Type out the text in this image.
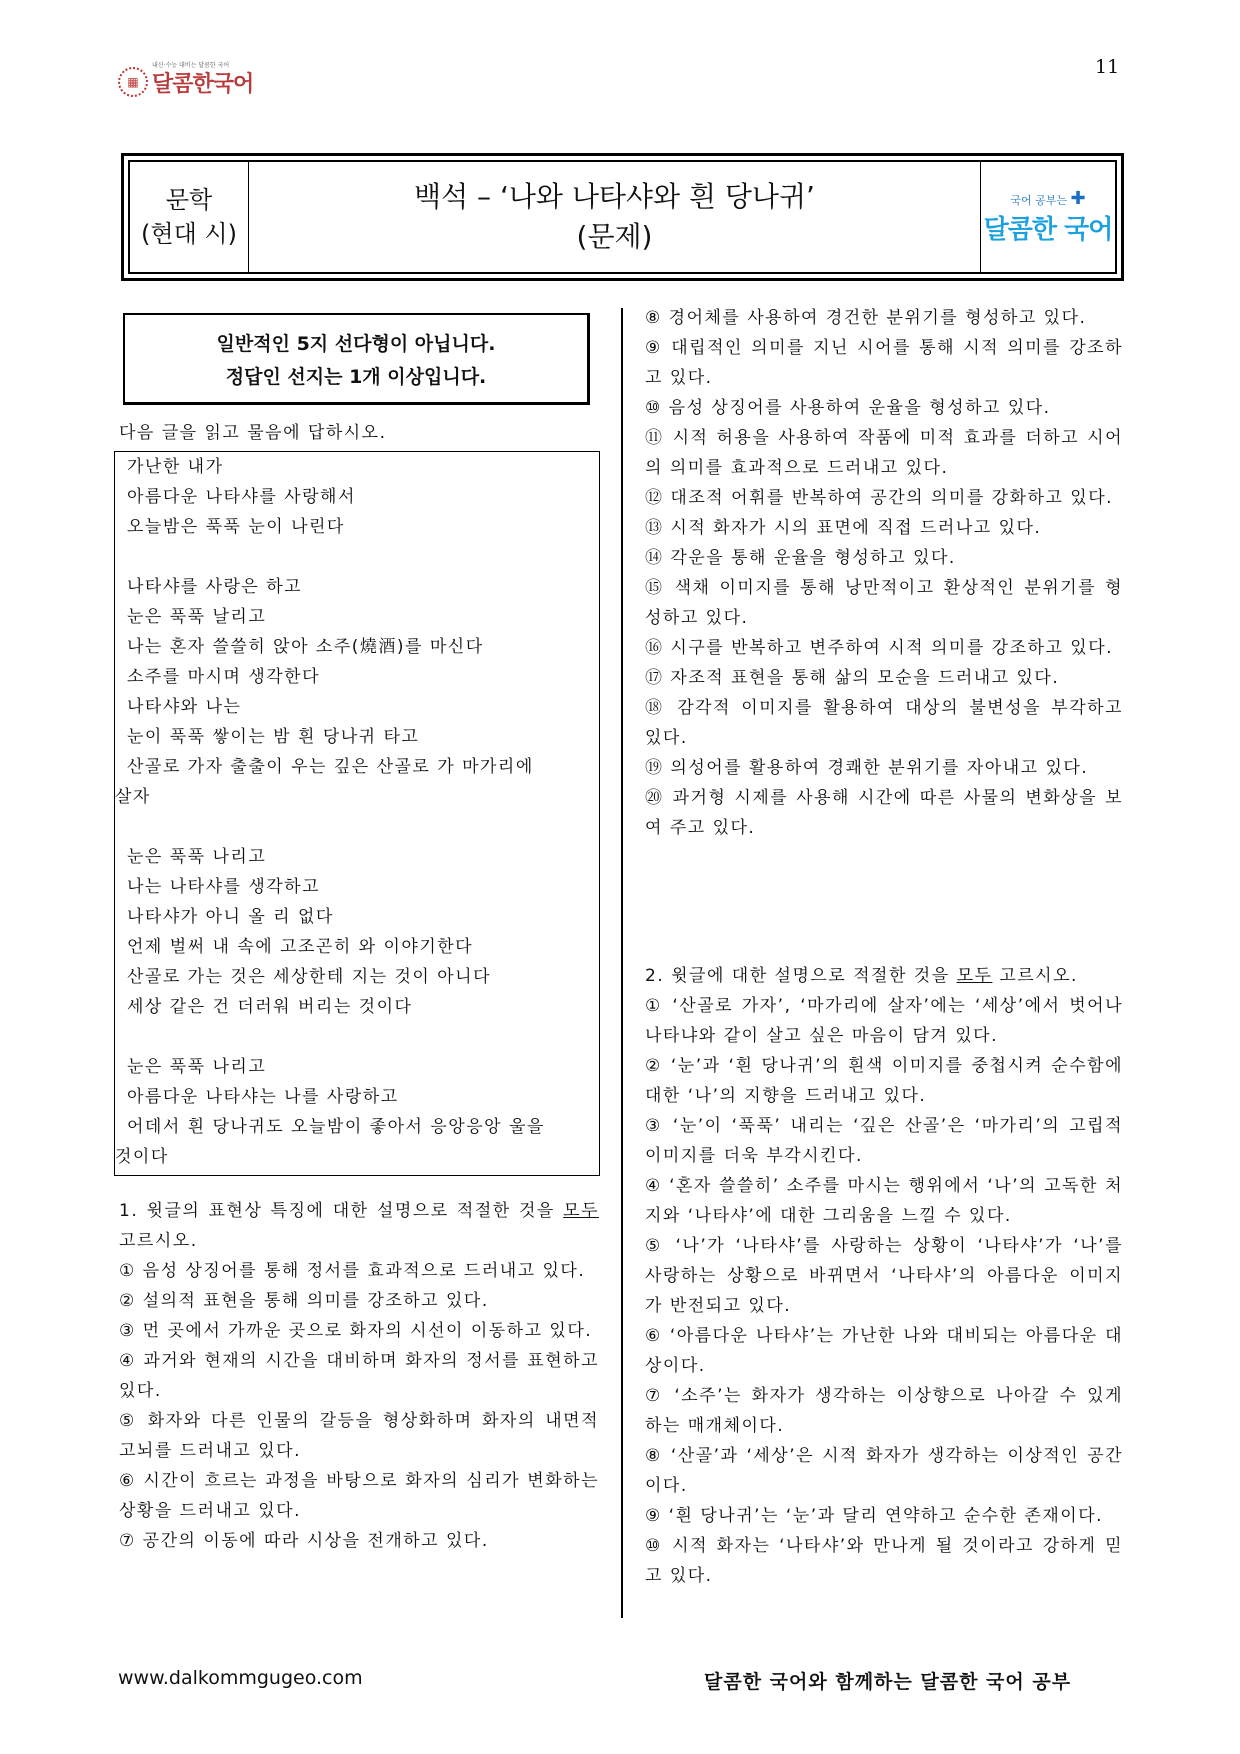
내신·수능 대비는 달콤한 국어
▦ 달콤한국어
11
문학
(현대 시)
백석 – ‘나와 나타샤와 흰 당나귀’
(문제)
국어 공부는 ✚
달콤한 국어
일반적인 5지 선다형이 아닙니다.
정답인 선지는 1개 이상입니다.
다음 글을 읽고 물음에 답하시오.
가난한 내가
아름다운 나타샤를 사랑해서
오늘밤은 푹푹 눈이 나린다

나타샤를 사랑은 하고
눈은 푹푹 날리고
나는 혼자 쓸쓸히 앉아 소주(燒酒)를 마신다
소주를 마시며 생각한다
나타샤와 나는
눈이 푹푹 쌓이는 밤 흰 당나귀 타고
산골로 가자 출출이 우는 깊은 산골로 가 마가리에
살자

눈은 푹푹 나리고
나는 나타샤를 생각하고
나타샤가 아니 올 리 없다
언제 벌써 내 속에 고조곤히 와 이야기한다
산골로 가는 것은 세상한테 지는 것이 아니다
세상 같은 건 더러워 버리는 것이다

눈은 푹푹 나리고
아름다운 나타샤는 나를 사랑하고
어데서 흰 당나귀도 오늘밤이 좋아서 응앙응앙 울을
것이다
1. 윗글의 표현상 특징에 대한 설명으로 적절한 것을 모두 고르시오.
① 음성 상징어를 통해 정서를 효과적으로 드러내고 있다.
② 설의적 표현을 통해 의미를 강조하고 있다.
③ 먼 곳에서 가까운 곳으로 화자의 시선이 이동하고 있다.
④ 과거와 현재의 시간을 대비하며 화자의 정서를 표현하고 있다.
⑤ 화자와 다른 인물의 갈등을 형상화하며 화자의 내면적 고뇌를 드러내고 있다.
⑥ 시간이 흐르는 과정을 바탕으로 화자의 심리가 변화하는 상황을 드러내고 있다.
⑦ 공간의 이동에 따라 시상을 전개하고 있다.
⑧ 경어체를 사용하여 경건한 분위기를 형성하고 있다.
⑨ 대립적인 의미를 지닌 시어를 통해 시적 의미를 강조하고 있다.
⑩ 음성 상징어를 사용하여 운율을 형성하고 있다.
⑪ 시적 허용을 사용하여 작품에 미적 효과를 더하고 시어의 의미를 효과적으로 드러내고 있다.
⑫ 대조적 어휘를 반복하여 공간의 의미를 강화하고 있다.
⑬ 시적 화자가 시의 표면에 직접 드러나고 있다.
⑭ 각운을 통해 운율을 형성하고 있다.
⑮ 색채 이미지를 통해 낭만적이고 환상적인 분위기를 형성하고 있다.
⑯ 시구를 반복하고 변주하여 시적 의미를 강조하고 있다.
⑰ 자조적 표현을 통해 삶의 모순을 드러내고 있다.
⑱ 감각적 이미지를 활용하여 대상의 불변성을 부각하고 있다.
⑲ 의성어를 활용하여 경쾌한 분위기를 자아내고 있다.
⑳ 과거형 시제를 사용해 시간에 따른 사물의 변화상을 보여 주고 있다.
2. 윗글에 대한 설명으로 적절한 것을 모두 고르시오.
① ‘산골로 가자’, ‘마가리에 살자’에는 ‘세상’에서 벗어나 나타냐와 같이 살고 싶은 마음이 담겨 있다.
② ‘눈’과 ‘흰 당나귀’의 흰색 이미지를 중첩시켜 순수함에 대한 ‘나’의 지향을 드러내고 있다.
③ ‘눈’이 ‘푹푹’ 내리는 ‘깊은 산골’은 ‘마가리’의 고립적 이미지를 더욱 부각시킨다.
④ ‘혼자 쓸쓸히’ 소주를 마시는 행위에서 ‘나’의 고독한 처지와 ‘나타샤’에 대한 그리움을 느낄 수 있다.
⑤ ‘나’가 ‘나타샤’를 사랑하는 상황이 ‘나타샤’가 ‘나’를 사랑하는 상황으로 바뀌면서 ‘나타샤’의 아름다운 이미지가 반전되고 있다.
⑥ ‘아름다운 나타샤’는 가난한 나와 대비되는 아름다운 대상이다.
⑦ ‘소주’는 화자가 생각하는 이상향으로 나아갈 수 있게 하는 매개체이다.
⑧ ‘산골’과 ‘세상’은 시적 화자가 생각하는 이상적인 공간이다.
⑨ ‘흰 당나귀’는 ‘눈’과 달리 연약하고 순수한 존재이다.
⑩ 시적 화자는 ‘나타샤’와 만나게 될 것이라고 강하게 믿고 있다.
www.dalkommgugeo.com	달콤한 국어와 함께하는 달콤한 국어 공부
